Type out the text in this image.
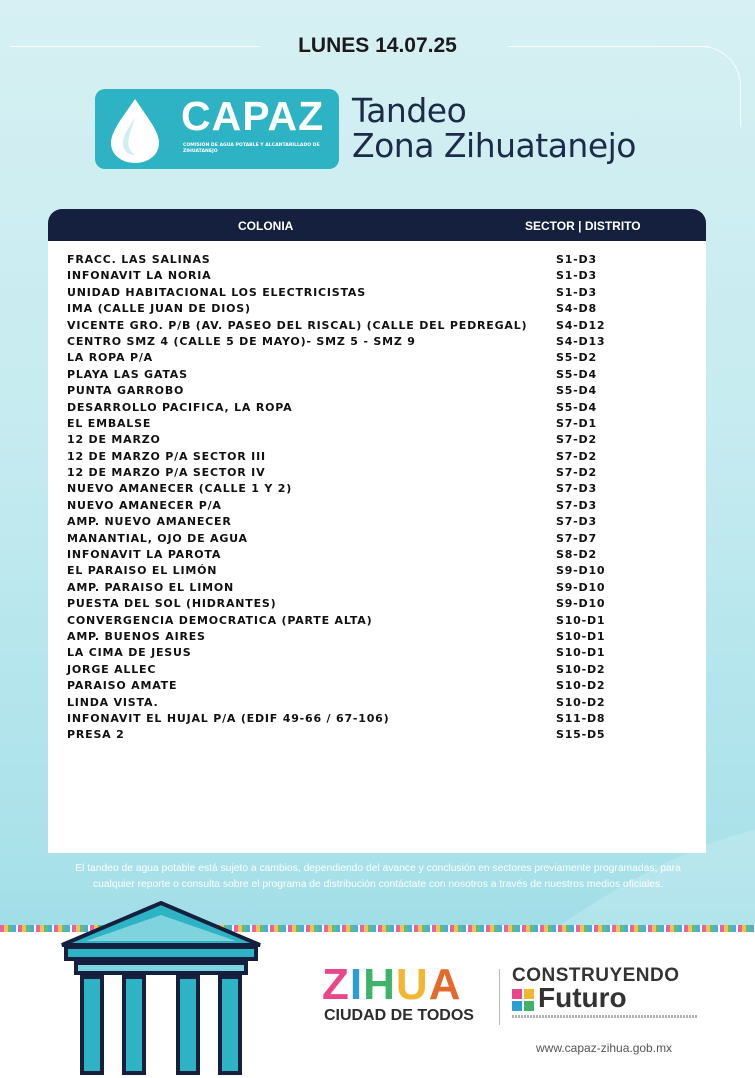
LUNES 14.07.25
CAPAZ
COMISIÓN DE AGUA POTABLE Y ALCANTARILLADO DE ZIHUATANEJO
Tandeo
Zona Zihuatanejo
COLONIA	SECTOR | DISTRITO
FRACC. LAS SALINAS	S1-D3
INFONAVIT LA NORIA	S1-D3
UNIDAD HABITACIONAL LOS ELECTRICISTAS	S1-D3
IMA (CALLE JUAN DE DIOS)	S4-D8
VICENTE GRO. P/B (AV. PASEO DEL RISCAL) (CALLE DEL PEDREGAL)	S4-D12
CENTRO SMZ 4 (CALLE 5 DE MAYO)- SMZ 5 - SMZ 9	S4-D13
LA ROPA P/A	S5-D2
PLAYA LAS GATAS	S5-D4
PUNTA GARROBO	S5-D4
DESARROLLO PACIFICA, LA ROPA	S5-D4
EL EMBALSE	S7-D1
12 DE MARZO	S7-D2
12 DE MARZO P/A SECTOR III	S7-D2
12 DE MARZO P/A SECTOR IV	S7-D2
NUEVO AMANECER (CALLE 1 Y 2)	S7-D3
NUEVO AMANECER P/A	S7-D3
AMP. NUEVO AMANECER	S7-D3
MANANTIAL, OJO DE AGUA	S7-D7
INFONAVIT LA PAROTA	S8-D2
EL PARAISO EL LIMÓN	S9-D10
AMP. PARAISO EL LIMON	S9-D10
PUESTA DEL SOL (HIDRANTES)	S9-D10
CONVERGENCIA DEMOCRATICA (PARTE ALTA)	S10-D1
AMP. BUENOS AIRES	S10-D1
LA CIMA DE JESUS	S10-D1
JORGE ALLEC	S10-D2
PARAISO AMATE	S10-D2
LINDA VISTA.	S10-D2
INFONAVIT EL HUJAL P/A (EDIF 49-66 / 67-106)	S11-D8
PRESA 2	S15-D5
El tandeo de agua potable está sujeto a cambios, dependiendo del avance y conclusión en sectores previamente programadas; para cualquier reporte o consulta sobre el programa de distribución contáctate con nosotros a través de nuestros medios oficiales.
ZIHUA
CIUDAD DE TODOS
CONSTRUYENDO
Futuro
www.capaz-zihua.gob.mx
